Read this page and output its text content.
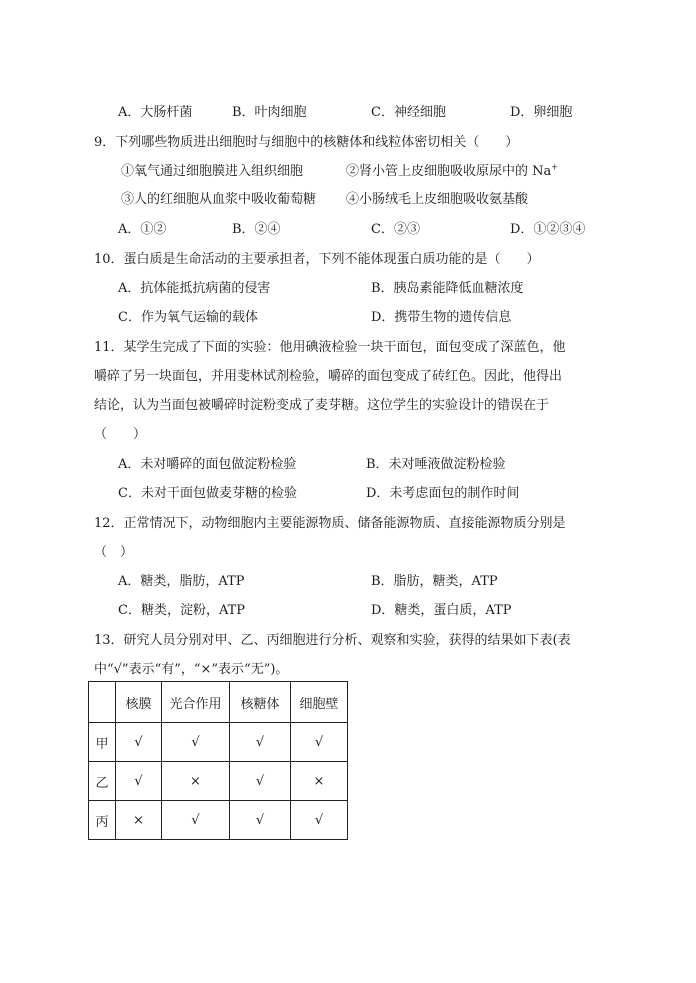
A．大肠杆菌	B．叶肉细胞	C．神经细胞	D．卵细胞
9．下列哪些物质进出细胞时与细胞中的核糖体和线粒体密切相关（　　）
①氧气通过细胞膜进入组织细胞	②肾小管上皮细胞吸收原尿中的 Na+
③人的红细胞从血浆中吸收葡萄糖 ④小肠绒毛上皮细胞吸收氨基酸
A．①②	B．②④	C．②③	D．①②③④
10．蛋白质是生命活动的主要承担者，下列不能体现蛋白质功能的是（　　）
A．抗体能抵抗病菌的侵害	B．胰岛素能降低血糖浓度
C．作为氧气运输的载体	D．携带生物的遗传信息
11．某学生完成了下面的实验：他用碘液检验一块干面包，面包变成了深蓝色，他
嚼碎了另一块面包，并用斐林试剂检验，嚼碎的面包变成了砖红色。因此，他得出
结论，认为当面包被嚼碎时淀粉变成了麦芽糖。这位学生的实验设计的错误在于
（　　）
A．未对嚼碎的面包做淀粉检验	B．未对唾液做淀粉检验
C．未对干面包做麦芽糖的检验	D．未考虑面包的制作时间
12．正常情况下，动物细胞内主要能源物质、储备能源物质、直接能源物质分别是
（　）
A．糖类，脂肪，ATP	B．脂肪，糖类，ATP
C．糖类，淀粉，ATP	D．糖类，蛋白质，ATP
13．研究人员分别对甲、乙、丙细胞进行分析、观察和实验，获得的结果如下表(表
中“√”表示“有”，“×”表示“无”)。
	核膜	光合作用	核糖体	细胞壁
甲	√	√	√	√
乙	√	×	√	×
丙	×	√	√	√
